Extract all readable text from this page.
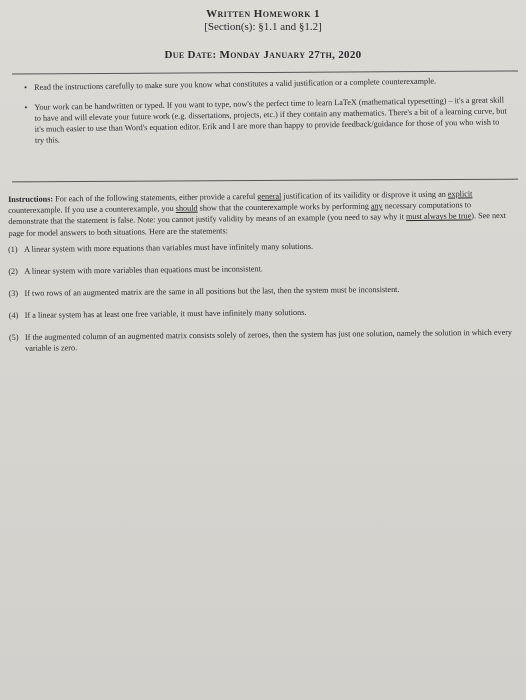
Written Homework 1
[Section(s): §1.1 and §1.2]
Due Date: Monday January 27th, 2020
• Read the instructions carefully to make sure you know what constitutes a valid justification or a complete counterexample.
• Your work can be handwritten or typed. If you want to type, now's the perfect time to learn LaTeX (mathematical typesetting) – it's a great skill to have and will elevate your future work (e.g. dissertations, projects, etc.) if they contain any mathematics. There's a bit of a learning curve, but it's much easier to use than Word's equation editor. Erik and I are more than happy to provide feedback/guidance for those of you who wish to try this.
Instructions: For each of the following statements, either provide a careful general justification of its vailidity or disprove it using an explicit counterexample. If you use a counterexample, you should show that the counterexample works by performing any necessary computations to demonstrate that the statement is false. Note: you cannot justify validity by means of an example (you need to say why it must always be true). See next page for model answers to both situations. Here are the statements:
(1) A linear system with more equations than variables must have infinitely many solutions.
(2) A linear system with more variables than equations must be inconsistent.
(3) If two rows of an augmented matrix are the same in all positions but the last, then the system must be inconsistent.
(4) If a linear system has at least one free variable, it must have infinitely many solutions.
(5) If the augmented column of an augmented matrix consists solely of zeroes, then the system has just one solution, namely the solution in which every variable is zero.
